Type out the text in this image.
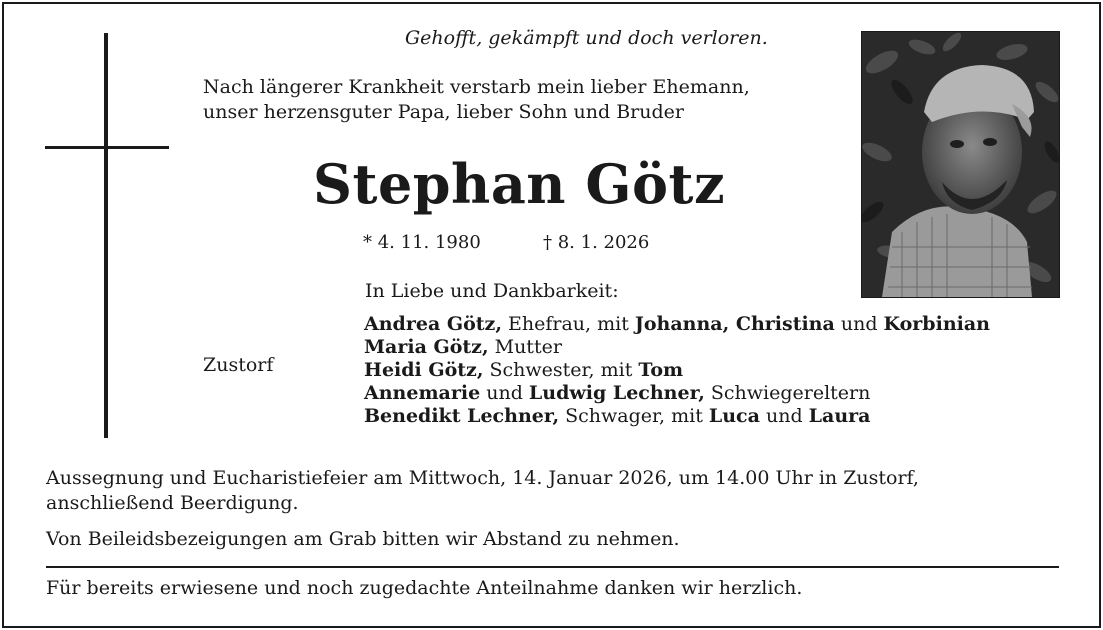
Gehofft, gekämpft und doch verloren.
Nach längerer Krankheit verstarb mein lieber Ehemann,
unser herzensguter Papa, lieber Sohn und Bruder
Stephan Götz
* 4. 11. 1980	† 8. 1. 2026
In Liebe und Dankbarkeit:
Andrea Götz, Ehefrau, mit Johanna, Christina und Korbinian
Maria Götz, Mutter
Heidi Götz, Schwester, mit Tom
Annemarie und Ludwig Lechner, Schwiegereltern
Benedikt Lechner, Schwager, mit Luca und Laura
Zustorf
Aussegnung und Eucharistiefeier am Mittwoch, 14. Januar 2026, um 14.00 Uhr in Zustorf,
anschließend Beerdigung.
Von Beileidsbezeigungen am Grab bitten wir Abstand zu nehmen.
Für bereits erwiesene und noch zugedachte Anteilnahme danken wir herzlich.
